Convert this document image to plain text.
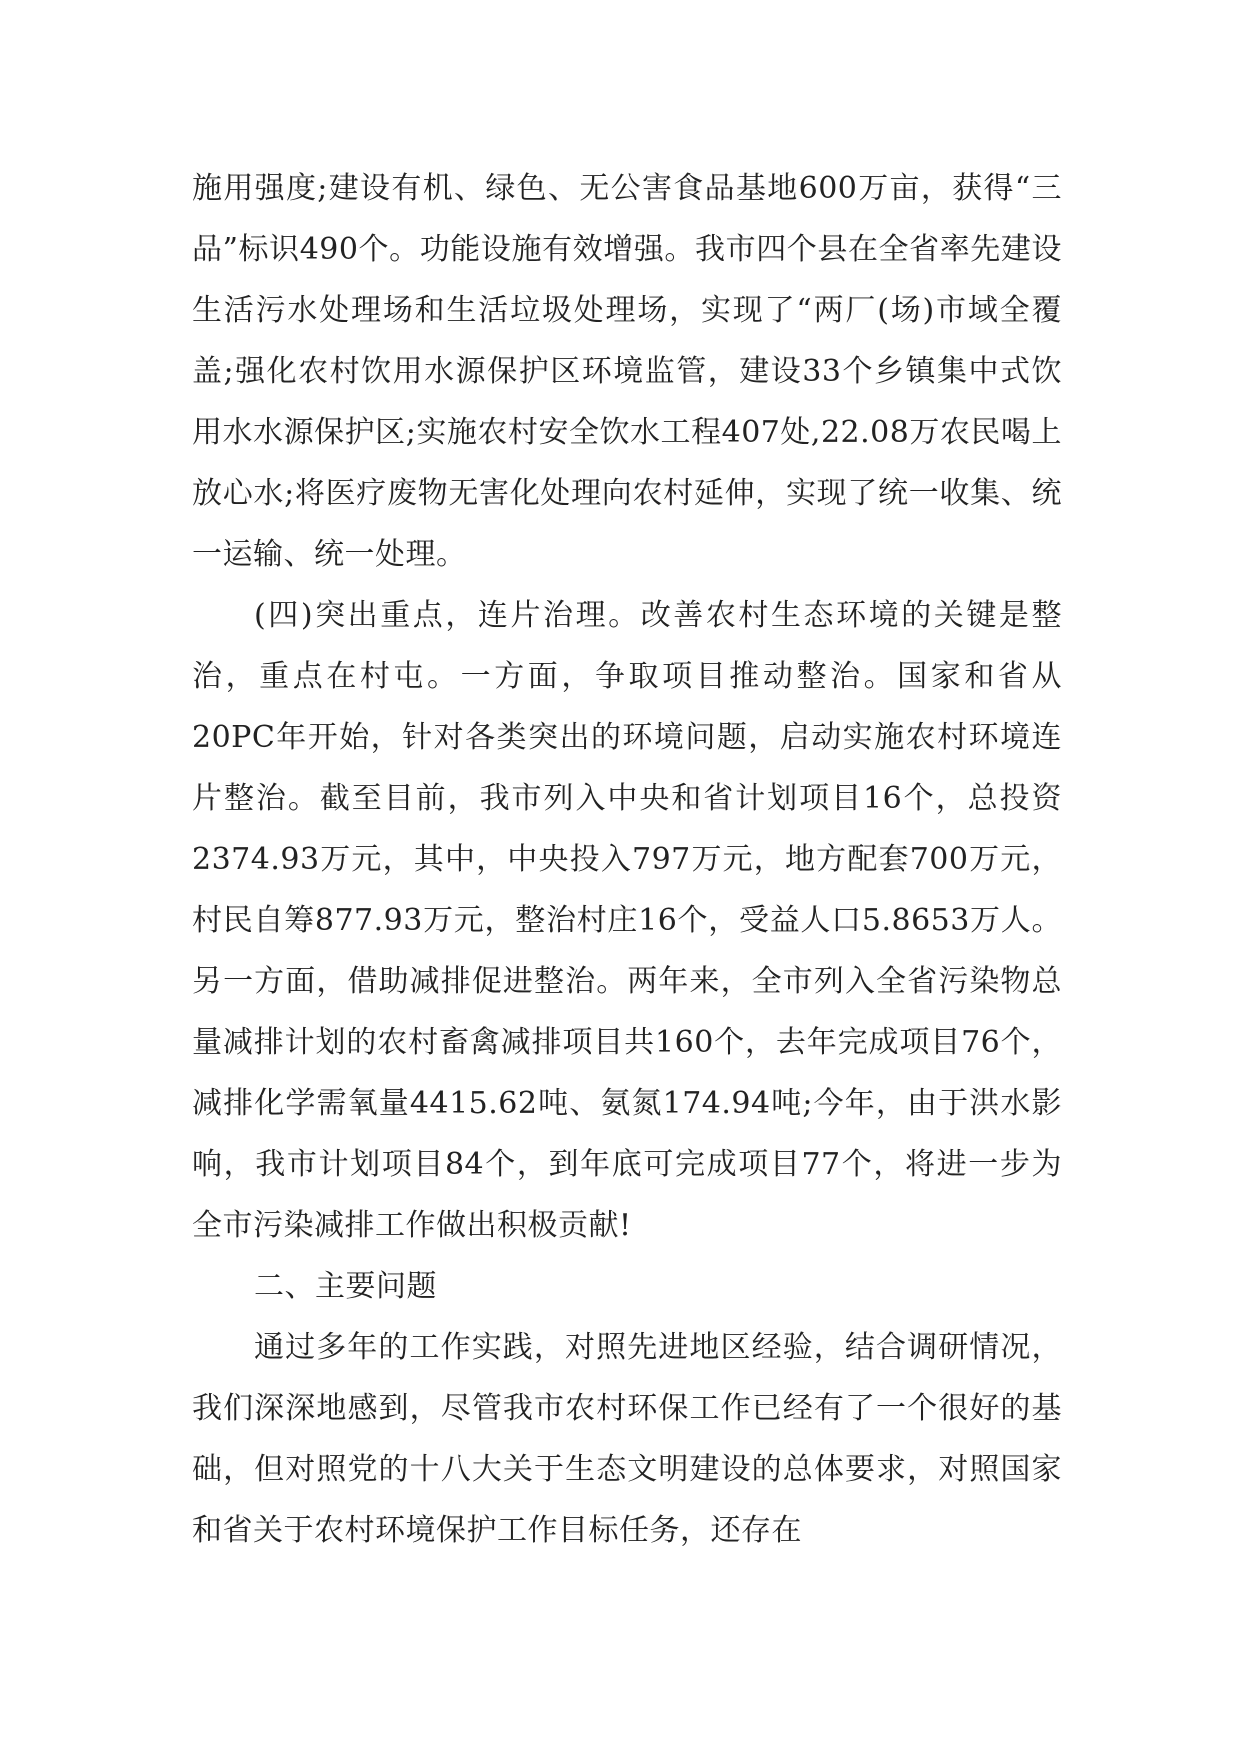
施用强度;建设有机、绿色、无公害食品基地600万亩，获得“三品”标识490个。功能设施有效增强。我市四个县在全省率先建设生活污水处理场和生活垃圾处理场，实现了“两厂(场)市域全覆盖;强化农村饮用水源保护区环境监管，建设33个乡镇集中式饮用水水源保护区;实施农村安全饮水工程407处,22.08万农民喝上放心水;将医疗废物无害化处理向农村延伸，实现了统一收集、统一运输、统一处理。

(四)突出重点，连片治理。改善农村生态环境的关键是整治，重点在村屯。一方面，争取项目推动整治。国家和省从20PC年开始，针对各类突出的环境问题，启动实施农村环境连片整治。截至目前，我市列入中央和省计划项目16个，总投资2374.93万元，其中，中央投入797万元，地方配套700万元，村民自筹877.93万元，整治村庄16个，受益人口5.8653万人。另一方面，借助减排促进整治。两年来，全市列入全省污染物总量减排计划的农村畜禽减排项目共160个，去年完成项目76个，减排化学需氧量4415.62吨、氨氮174.94吨;今年，由于洪水影响，我市计划项目84个，到年底可完成项目77个，将进一步为全市污染减排工作做出积极贡献!

二、主要问题

通过多年的工作实践，对照先进地区经验，结合调研情况，我们深深地感到，尽管我市农村环保工作已经有了一个很好的基础，但对照党的十八大关于生态文明建设的总体要求，对照国家和省关于农村环境保护工作目标任务，还存在
